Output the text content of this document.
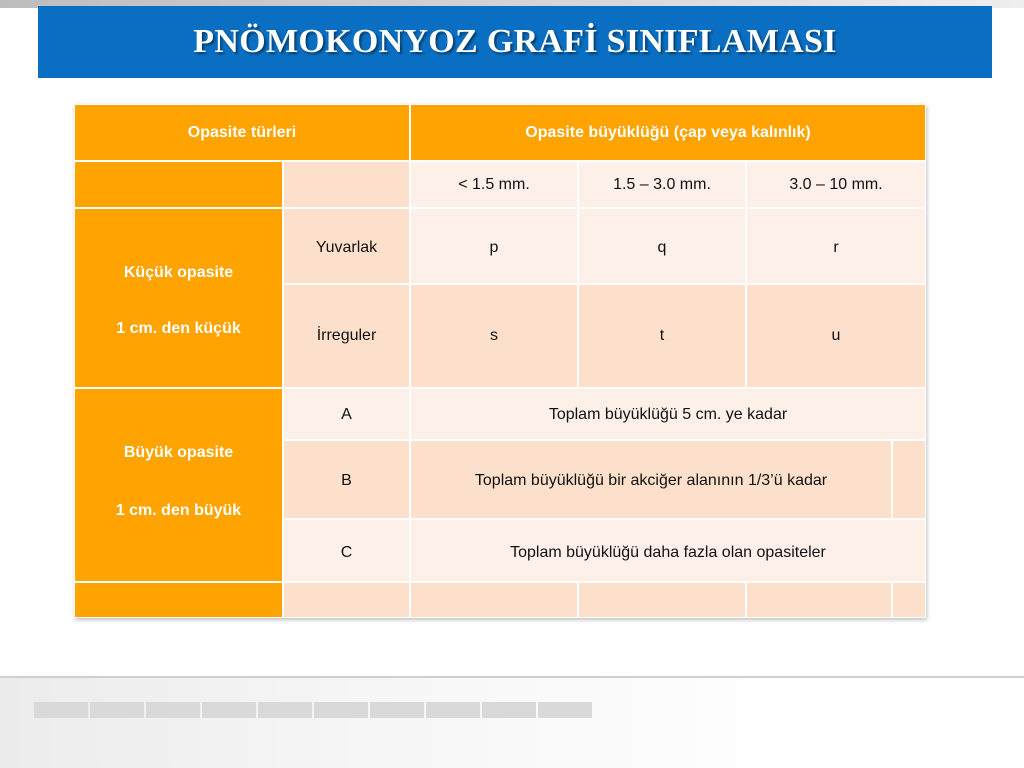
PNÖMOKONYOZ GRAFİ SINIFLAMASI
Opasite türleri	Opasite büyüklüğü (çap veya kalınlık)
< 1.5 mm.	1.5 – 3.0 mm.	3.0 – 10 mm.
Küçük opasite
1 cm. den küçük
Yuvarlak	p	q	r
İrreguler	s	t	u
Büyük opasite
1 cm. den büyük
A	Toplam büyüklüğü 5 cm. ye kadar
B	Toplam büyüklüğü bir akciğer alanının 1/3’ü kadar
C	Toplam büyüklüğü daha fazla olan opasiteler
